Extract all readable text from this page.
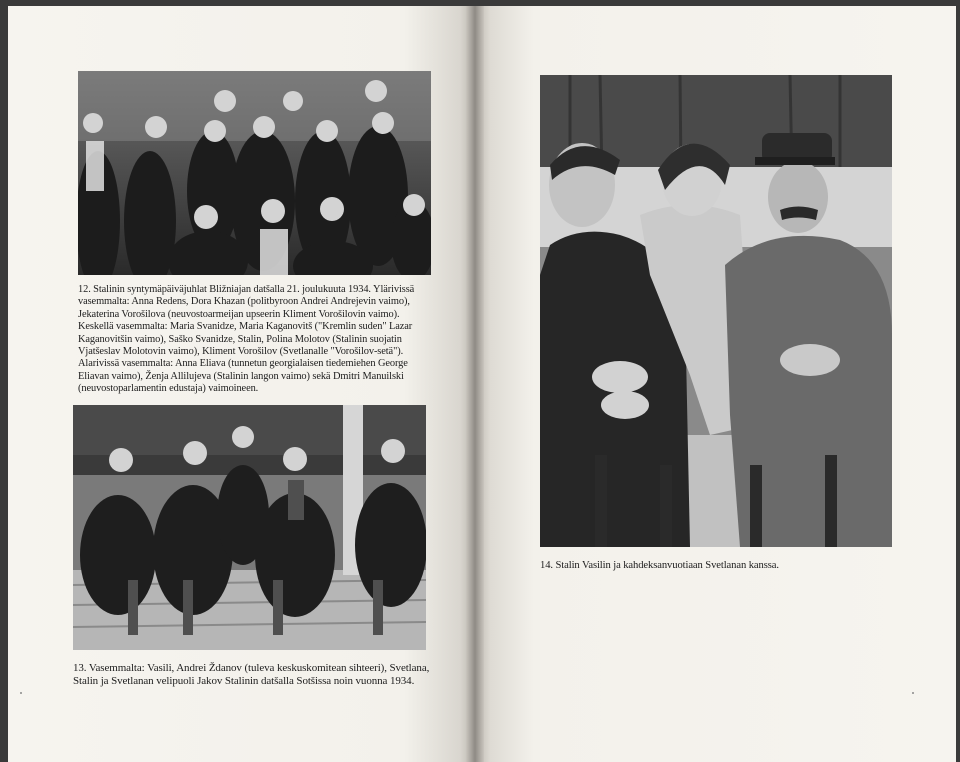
12. Stalinin syntymäpäiväjuhlat Bližniajan datšalla 21. joulukuuta 1934. Ylärivissä
vasemmalta: Anna Redens, Dora Khazan (politbyroon Andrei Andrejevin vaimo),
Jekaterina Vorošilova (neuvostoarmeijan upseerin Kliment Vorošilovin vaimo).
Keskellä vasemmalta: Maria Svanidze, Maria Kaganovitš ("Kremlin suden" Lazar
Kaganovitšin vaimo), Saško Svanidze, Stalin, Polina Molotov (Stalinin suojatin
Vjatšeslav Molotovin vaimo), Kliment Vorošilov (Svetlanalle "Vorošilov-setä").
Alarivissä vasemmalta: Anna Eliava (tunnetun georgialaisen tiedemiehen George
Eliavan vaimo), Ženja Allilujeva (Stalinin langon vaimo) sekä Dmitri Manuilski
(neuvostoparlamentin edustaja) vaimoineen.
13. Vasemmalta: Vasili, Andrei Ždanov (tuleva keskuskomitean sihteeri), Svetlana,
Stalin ja Svetlanan velipuoli Jakov Stalinin datšalla Sotšissa noin vuonna 1934.
14. Stalin Vasilin ja kahdeksanvuotiaan Svetlanan kanssa.
